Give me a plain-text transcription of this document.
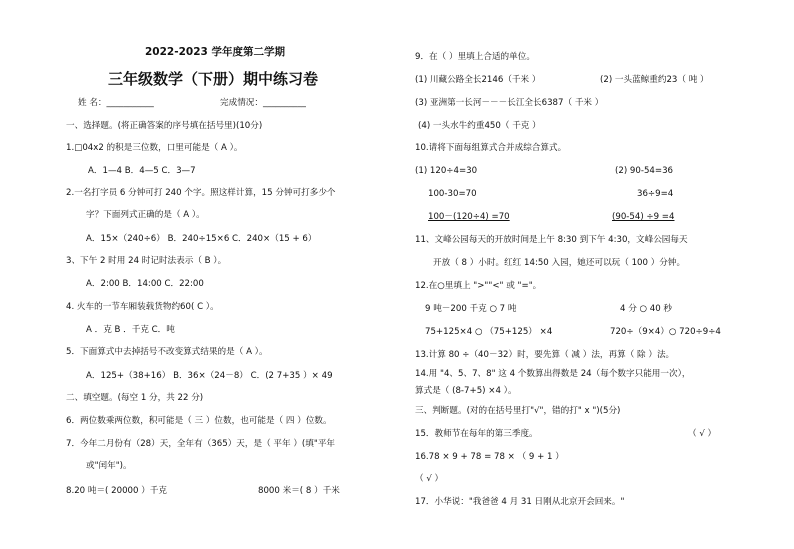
2022-2023 学年度第二学期
三年级数学（下册）期中练习卷
姓 名：___________	完成情况：__________
一、选择题。(将正确答案的序号填在括号里)(10分)
1.□04x2 的积是三位数，口里可能是（ A ）。
A．1—4 B．4—5 C．3—7
2.一名打字员 6 分钟可打 240 个字。照这样计算，15 分钟可打多少个
字？下面列式正确的是（ A ）。
A．15×（240÷6） B．240÷15×6 C．240×（15 + 6）
3、下午 2 时用 24 时记时法表示（ B ）。
A．2:00 B．14:00 C．22:00
4. 火车的一节车厢装载货物约60( C ）。
A ．克 B ．千克 C．吨
5．下面算式中去掉括号不改变算式结果的是（ A ）。
A．125+（38+16） B．36×（24－8） C．(2 7+35 ）× 49
二、填空题。(每空 1 分，共 22 分)
6．两位数乘两位数，积可能是（ 三 ）位数，也可能是（ 四 ）位数。
7．今年二月份有（28）天，全年有（365）天，是（ 平年 ）(填"平年
或"闰年")。
8.20 吨＝( 20000 ）千克	8000 米＝( 8 ）千米
9．在（ ）里填上合适的单位。
(1) 川藏公路全长2146（千米 ）	(2) 一头蓝鲸重约23（ 吨 ）
(3) 亚洲第一长河－－－长江全长6387（ 千米 ）
(4) 一头水牛约重450（ 千克 ）
10.请将下面每组算式合并成综合算式。
(1) 120÷4=30	(2) 90-54=36
100-30=70	36÷9=4
100－(120÷4) =70	(90-54) ÷9 =4
11、文峰公园每天的开放时间是上午 8:30 到下午 4:30，文峰公园每天
开放（ 8 ）小时。红红 14:50 入园，她还可以玩（ 100 ）分钟。
12.在○里填上 ">""<" 或 "="。
9 吨－200 千克 ○ 7 吨	4 分 ○ 40 秒
75+125×4 ○ （75+125） ×4	720÷（9×4）○ 720÷9÷4
13.计算 80 ÷（40－32）时，要先算（ 减 ）法，再算（ 除 ）法。
14.用 "4、5、7、8" 这 4 个数算出得数是 24（每个数字只能用一次），
算式是（ (8-7+5) ×4 ）。
三、判断题。(对的在括号里打"√"，错的打" x ")(5分)
15．教师节在每年的第三季度。	（ √ ）
16.78 × 9 + 78 = 78 × （ 9 + 1 ）
（ √ ）
17．小华说："我爸爸 4 月 31 日刚从北京开会回来。"
